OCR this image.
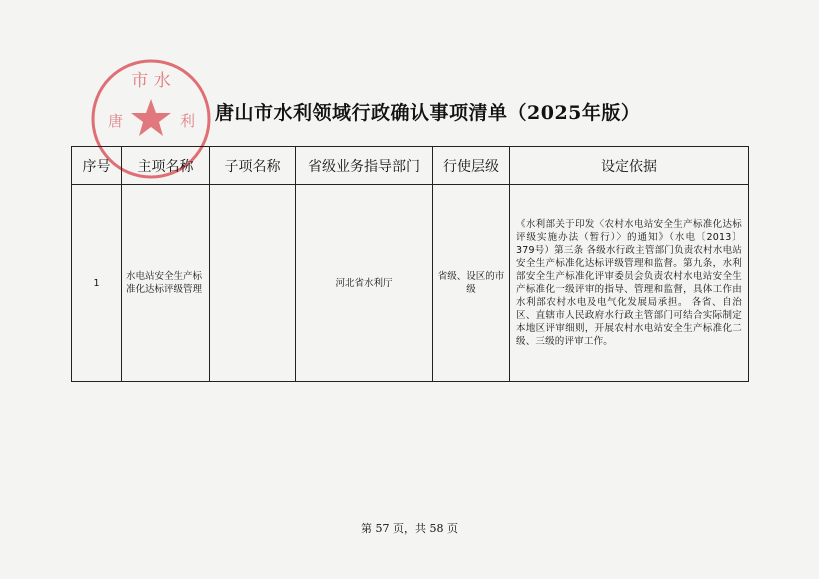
市 水
唐	利 唐山市水利领域行政确认事项清单（2025年版）
序号	主项名称	子项名称	省级业务指导部门	行使层级	设定依据
1	水电站安全生产标准化达标评级管理		河北省水利厅	省级、设区的市级	《水利部关于印发〈农村水电站安全生产标准化达标评级实施办法（暂行）〉的通知》（水电〔2013〕379号）第三条 各级水行政主管部门负责农村水电站安全生产标准化达标评级管理和监督。第九条，水利部安全生产标准化评审委员会负责农村水电站安全生产标准化一级评审的指导、管理和监督，具体工作由水利部农村水电及电气化发展局承担。 各省、自治区、直辖市人民政府水行政主管部门可结合实际制定本地区评审细则，开展农村水电站安全生产标准化二级、三级的评审工作。
第 57 页，共 58 页
